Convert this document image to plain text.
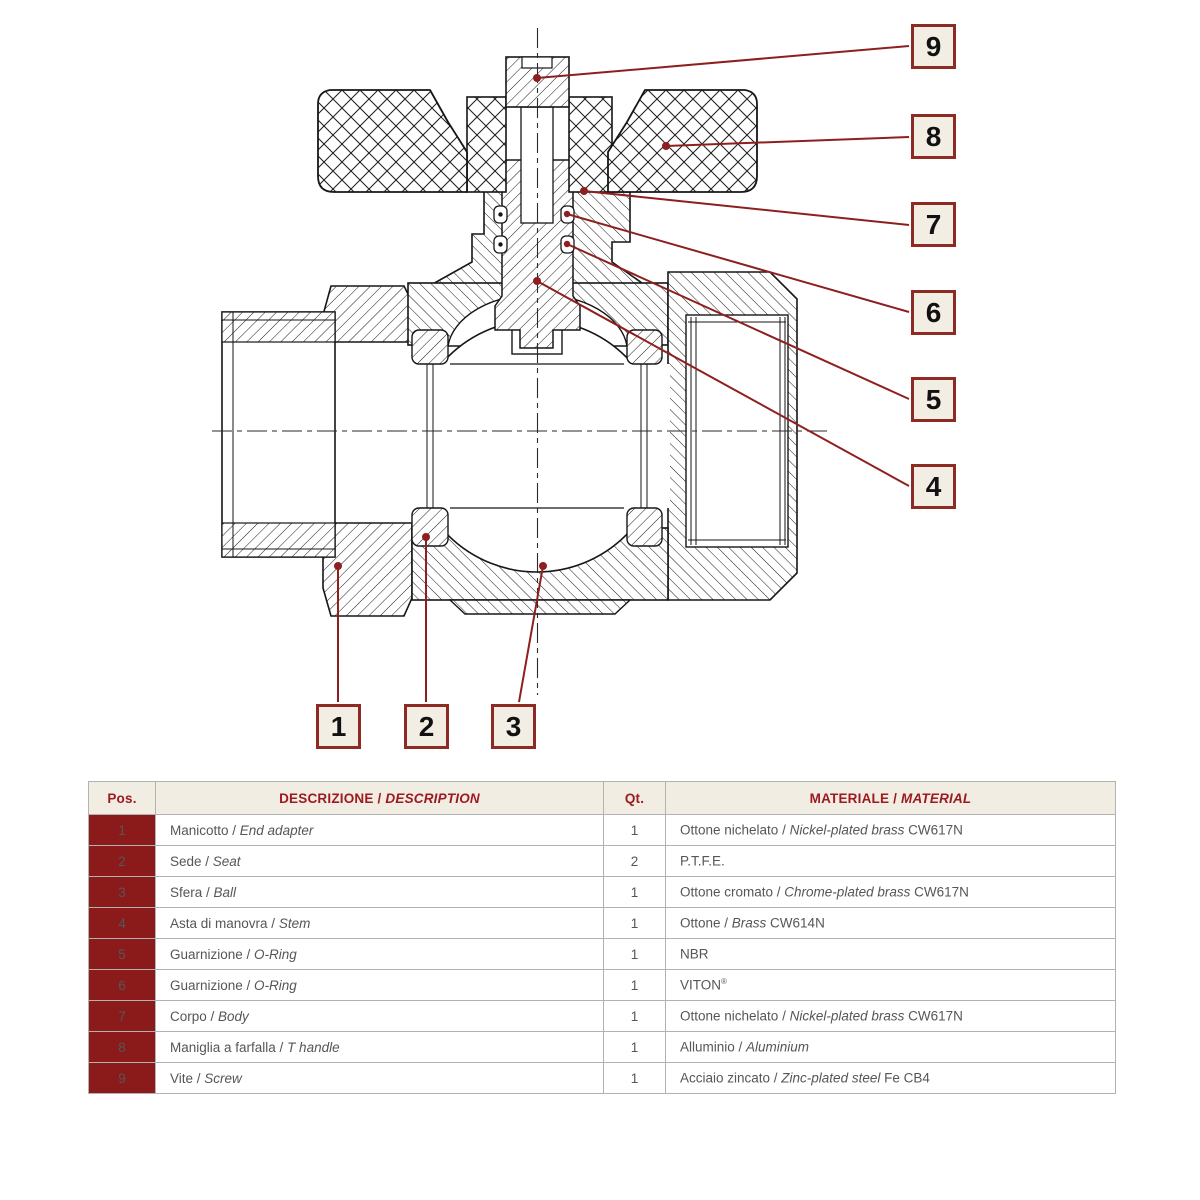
9
8
7
6
5
4
1	2	3
Pos.	DESCRIZIONE / DESCRIPTION	Qt.	MATERIALE / MATERIAL
1	Manicotto / End adapter	1	Ottone nichelato / Nickel-plated brass CW617N
2	Sede / Seat	2	P.T.F.E.
3	Sfera / Ball	1	Ottone cromato / Chrome-plated brass CW617N
4	Asta di manovra / Stem	1	Ottone / Brass CW614N
5	Guarnizione / O-Ring	1	NBR
6	Guarnizione / O-Ring	1	VITON®
7	Corpo / Body	1	Ottone nichelato / Nickel-plated brass CW617N
8	Maniglia a farfalla / T handle	1	Alluminio / Aluminium
9	Vite / Screw	1	Acciaio zincato / Zinc-plated steel Fe CB4
